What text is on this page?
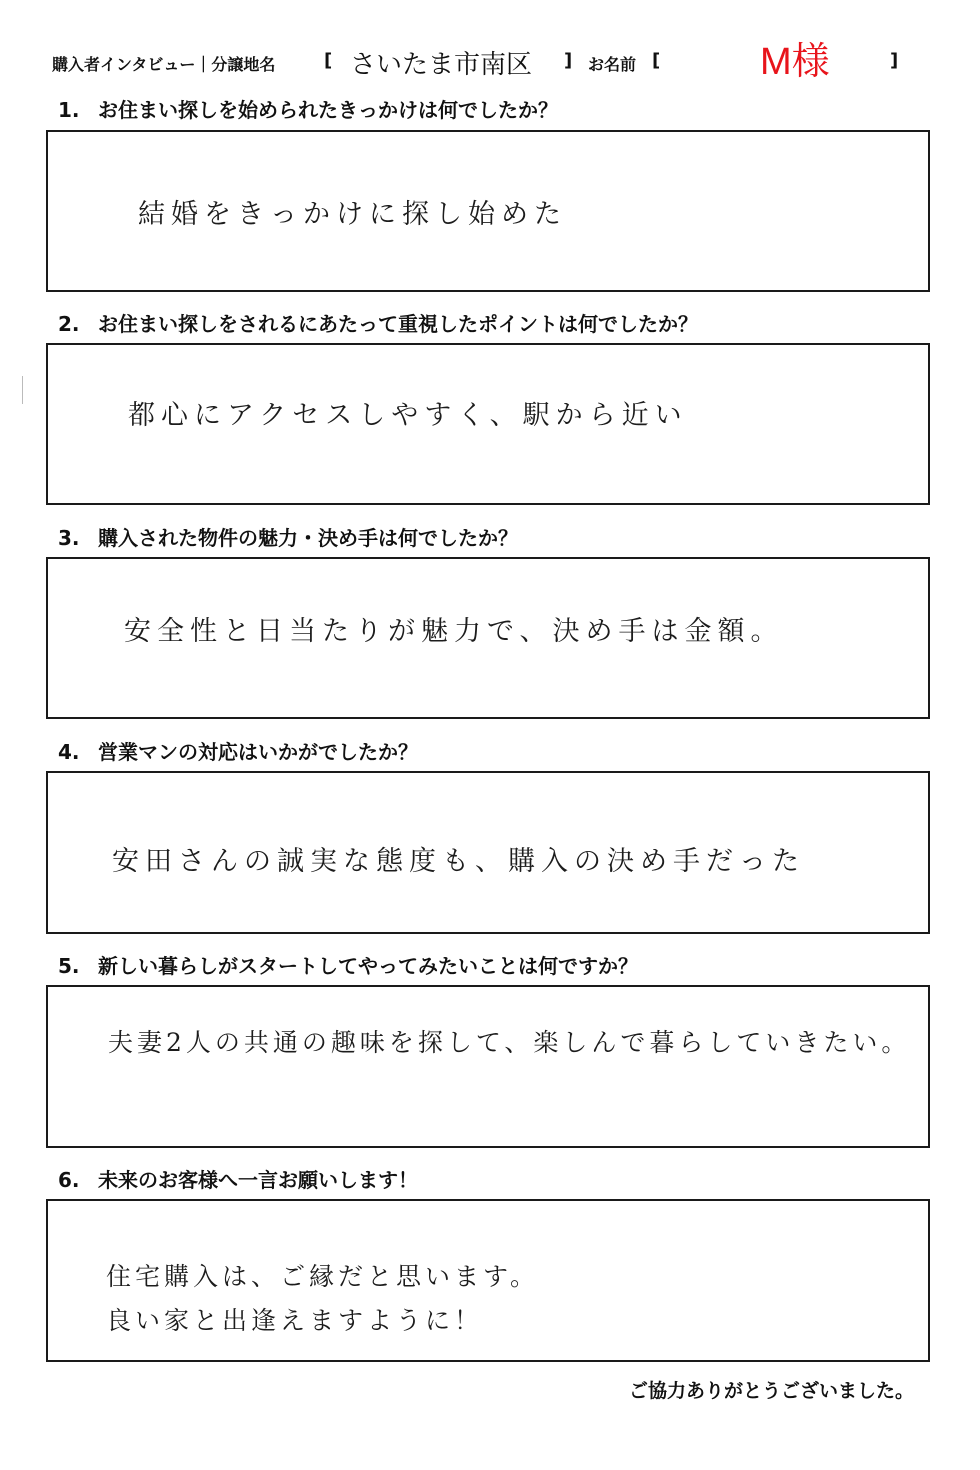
購入者インタビュー｜分譲地名	[ さいたま市南区 ] お名前 [	M様	]
1. お住まい探しを始められたきっかけは何でしたか？
結婚をきっかけに探し始めた
2. お住まい探しをされるにあたって重視したポイントは何でしたか？
都心にアクセスしやすく、駅から近い
3. 購入された物件の魅力・決め手は何でしたか？
安全性と日当たりが魅力で、決め手は金額。
4. 営業マンの対応はいかがでしたか？
安田さんの誠実な態度も、購入の決め手だった
5. 新しい暮らしがスタートしてやってみたいことは何ですか？
夫妻2人の共通の趣味を探して、楽しんで暮らしていきたい。
6. 未来のお客様へ一言お願いします！
住宅購入は、ご縁だと思います。
良い家と出逢えますように！
ご協力ありがとうございました。
